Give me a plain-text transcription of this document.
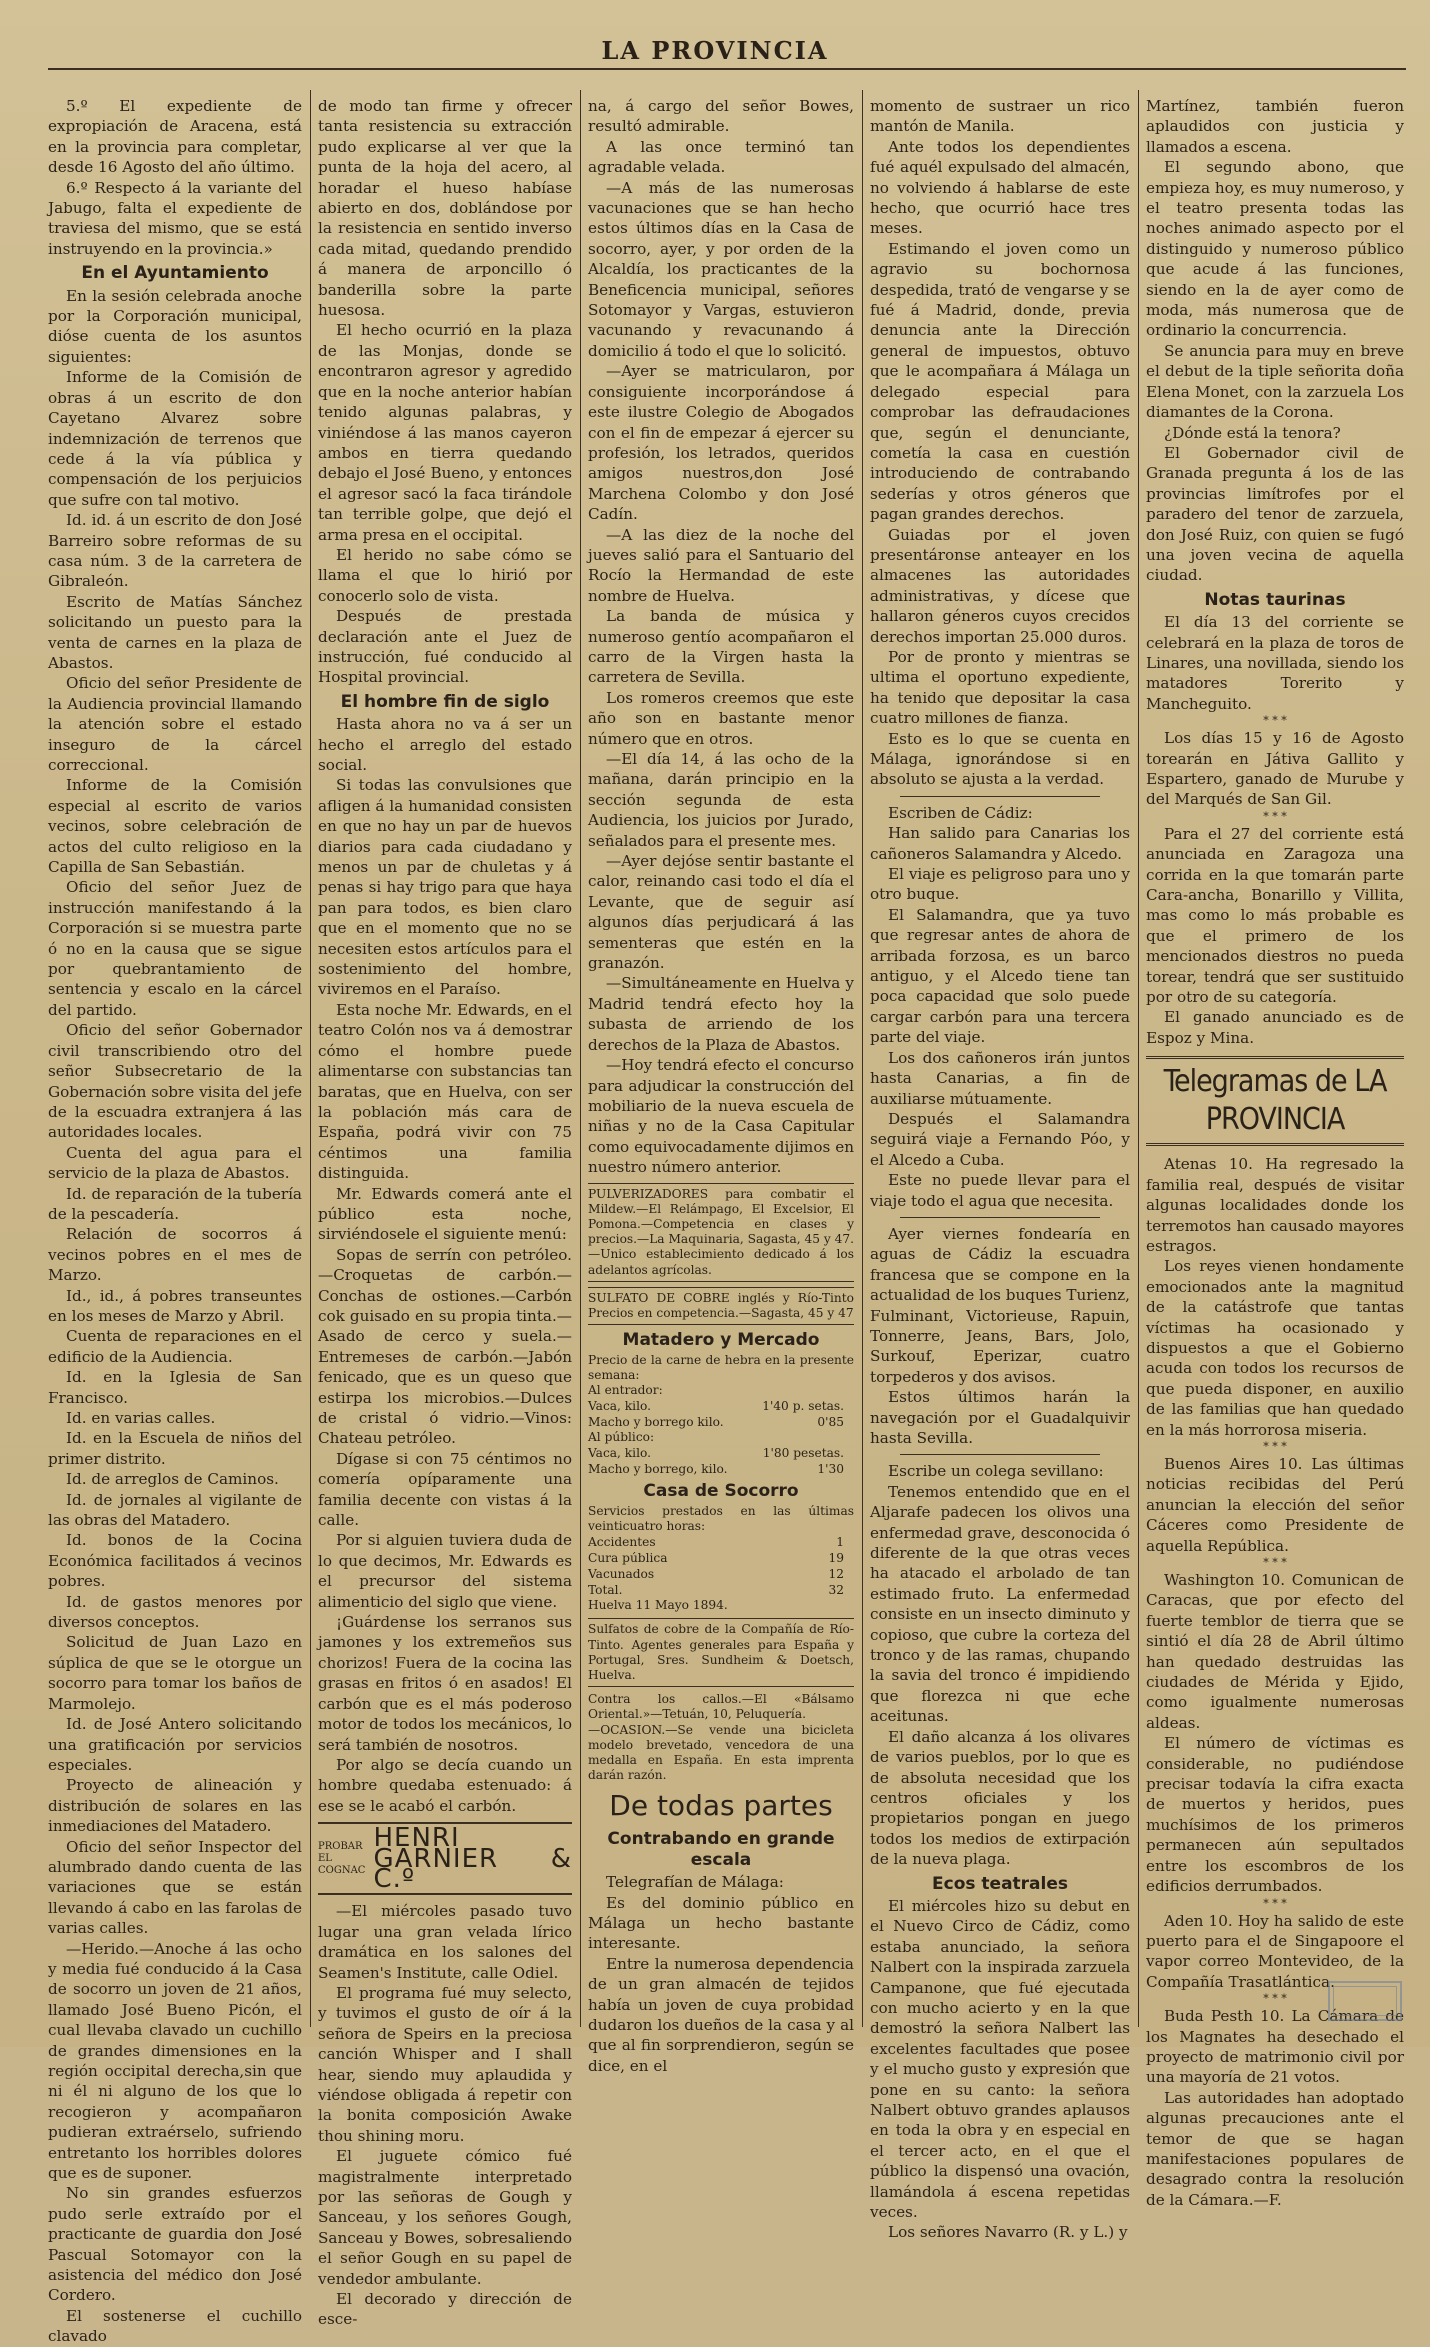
LA PROVINCIA

5.º El expediente de expropiación de Aracena, está en la provincia para completar, desde 16 Agosto del año último.

6.º Respecto á la variante del Jabugo, falta el expediente de traviesa del mismo, que se está instruyendo en la provincia.»

En el Ayuntamiento

En la sesión celebrada anoche por la Corporación municipal, dióse cuenta de los asuntos siguientes:

Informe de la Comisión de obras á un escrito de don Cayetano Alvarez sobre indemnización de terrenos que cede á la vía pública y compensación de los perjuicios que sufre con tal motivo.

Id. id. á un escrito de don José Barreiro sobre reformas de su casa núm. 3 de la carretera de Gibraleón.

Escrito de Matías Sánchez solicitando un puesto para la venta de carnes en la plaza de Abastos.

Oficio del señor Presidente de la Audiencia provincial llamando la atención sobre el estado inseguro de la cárcel correccional.

Informe de la Comisión especial al escrito de varios vecinos, sobre celebración de actos del culto religioso en la Capilla de San Sebastián.

Oficio del señor Juez de instrucción manifestando á la Corporación si se muestra parte ó no en la causa que se sigue por quebrantamiento de sentencia y escalo en la cárcel del partido.

Oficio del señor Gobernador civil transcribiendo otro del señor Subsecretario de la Gobernación sobre visita del jefe de la escuadra extranjera á las autoridades locales.

Cuenta del agua para el servicio de la plaza de Abastos.

Id. de reparación de la tubería de la pescadería.

Relación de socorros á vecinos pobres en el mes de Marzo.

Id., id., á pobres transeuntes en los meses de Marzo y Abril.

Cuenta de reparaciones en el edificio de la Audiencia.

Id. en la Iglesia de San Francisco.

Id. en varias calles.

Id. en la Escuela de niños del primer distrito.

Id. de arreglos de Caminos.

Id. de jornales al vigilante de las obras del Matadero.

Id. bonos de la Cocina Económica facilitados á vecinos pobres.

Id. de gastos menores por diversos conceptos.

Solicitud de Juan Lazo en súplica de que se le otorgue un socorro para tomar los baños de Marmolejo.

Id. de José Antero solicitando una gratificación por servicios especiales.

Proyecto de alineación y distribución de solares en las inmediaciones del Matadero.

Oficio del señor Inspector del alumbrado dando cuenta de las variaciones que se están llevando á cabo en las farolas de varias calles.

—Herido.—Anoche á las ocho y media fué conducido á la Casa de socorro un joven de 21 años, llamado José Bueno Picón, el cual llevaba clavado un cuchillo de grandes dimensiones en la región occipital derecha,sin que ni él ni alguno de los que lo recogieron y acompañaron pudieran extraérselo, sufriendo entretanto los horribles dolores que es de suponer.

No sin grandes esfuerzos pudo serle extraído por el practicante de guardia don José Pascual Sotomayor con la asistencia del médico don José Cordero.

El sostenerse el cuchillo clavado

de modo tan firme y ofrecer tanta resistencia su extracción pudo explicarse al ver que la punta de la hoja del acero, al horadar el hueso habíase abierto en dos, doblándose por la resistencia en sentido inverso cada mitad, quedando prendido á manera de arponcillo ó banderilla sobre la parte huesosa.

El hecho ocurrió en la plaza de las Monjas, donde se encontraron agresor y agredido que en la noche anterior habían tenido algunas palabras, y viniéndose á las manos cayeron ambos en tierra quedando debajo el José Bueno, y entonces el agresor sacó la faca tirándole tan terrible golpe, que dejó el arma presa en el occipital.

El herido no sabe cómo se llama el que lo hirió por conocerlo solo de vista.

Después de prestada declaración ante el Juez de instrucción, fué conducido al Hospital provincial.

El hombre fin de siglo

Hasta ahora no va á ser un hecho el arreglo del estado social.

Si todas las convulsiones que afligen á la humanidad consisten en que no hay un par de huevos diarios para cada ciudadano y menos un par de chuletas y á penas si hay trigo para que haya pan para todos, es bien claro que en el momento que no se necesiten estos artículos para el sostenimiento del hombre, viviremos en el Paraíso.

Esta noche Mr. Edwards, en el teatro Colón nos va á demostrar cómo el hombre puede alimentarse con substancias tan baratas, que en Huelva, con ser la población más cara de España, podrá vivir con 75 céntimos una familia distinguida.

Mr. Edwards comerá ante el público esta noche, sirviéndosele el siguiente menú:

Sopas de serrín con petróleo.—Croquetas de carbón.—Conchas de ostiones.—Carbón cok guisado en su propia tinta.—Asado de cerco y suela.—Entremeses de carbón.—Jabón fenicado, que es un queso que estirpa los microbios.—Dulces de cristal ó vidrio.—Vinos: Chateau petróleo.

Dígase si con 75 céntimos no comería opíparamente una familia decente con vistas á la calle.

Por si alguien tuviera duda de lo que decimos, Mr. Edwards es el precursor del sistema alimenticio del siglo que viene.

¡Guárdense los serranos sus jamones y los extremeños sus chorizos! Fuera de la cocina las grasas en fritos ó en asados! El carbón que es el más poderoso motor de todos los mecánicos, lo será también de nosotros.

Por algo se decía cuando un hombre quedaba estenuado: á ese se le acabó el carbón.

PROBAR
EL
COGNAC
HENRI GARNIER & C.º

—El miércoles pasado tuvo lugar una gran velada lírico dramática en los salones del Seamen's Institute, calle Odiel.

El programa fué muy selecto, y tuvimos el gusto de oír á la señora de Speirs en la preciosa canción Whisper and I shall hear, siendo muy aplaudida y viéndose obligada á repetir con la bonita composición Awake thou shining moru.

El juguete cómico fué magistralmente interpretado por las señoras de Gough y Sanceau, y los señores Gough, Sanceau y Bowes, sobresaliendo el señor Gough en su papel de vendedor ambulante.

El decorado y dirección de esce-

na, á cargo del señor Bowes, resultó admirable.

A las once terminó tan agradable velada.

—A más de las numerosas vacunaciones que se han hecho estos últimos días en la Casa de socorro, ayer, y por orden de la Alcaldía, los practicantes de la Beneficencia municipal, señores Sotomayor y Vargas, estuvieron vacunando y revacunando á domicilio á todo el que lo solicitó.

—Ayer se matricularon, por consiguiente incorporándose á este ilustre Colegio de Abogados con el fin de empezar á ejercer su profesión, los letrados, queridos amigos nuestros,don José Marchena Colombo y don José Cadín.

—A las diez de la noche del jueves salió para el Santuario del Rocío la Hermandad de este nombre de Huelva.

La banda de música y numeroso gentío acompañaron el carro de la Virgen hasta la carretera de Sevilla.

Los romeros creemos que este año son en bastante menor número que en otros.

—El día 14, á las ocho de la mañana, darán principio en la sección segunda de esta Audiencia, los juicios por Jurado, señalados para el presente mes.

—Ayer dejóse sentir bastante el calor, reinando casi todo el día el Levante, que de seguir así algunos días perjudicará á las sementeras que estén en la granazón.

—Simultáneamente en Huelva y Madrid tendrá efecto hoy la subasta de arriendo de los derechos de la Plaza de Abastos.

—Hoy tendrá efecto el concurso para adjudicar la construcción del mobiliario de la nueva escuela de niñas y no de la Casa Capitular como equivocadamente dijimos en nuestro número anterior.

PULVERIZADORES para combatir el Mildew.—El Relámpago, El Excelsior, El Pomona.—Competencia en clases y precios.—La Maquinaria, Sagasta, 45 y 47.—Unico establecimiento dedicado á los adelantos agrícolas.

SULFATO DE COBRE inglés y Río-Tinto Precios en competencia.—Sagasta, 45 y 47

Matadero y Mercado

Precio de la carne de hebra en la presente semana:

Al entrador:

Vaca, kilo.	1'40 p. setas.
Macho y borrego kilo.	0'85

Al público:

Vaca, kilo.	1'80 pesetas.
Macho y borrego, kilo.	1'30

Casa de Socorro

Servicios prestados en las últimas veinticuatro horas:

Accidentes	1
Cura pública	19
Vacunados	12
Total.	32

Huelva 11 Mayo 1894.

Sulfatos de cobre de la Compañía de Río-Tinto. Agentes generales para España y Portugal, Sres. Sundheim & Doetsch, Huelva.

Contra los callos.—El «Bálsamo Oriental.»—Tetuán, 10, Peluquería.

—OCASION.—Se vende una bicicleta modelo brevetado, vencedora de una medalla en España. En esta imprenta darán razón.

De todas partes

Contrabando en grande escala

Telegrafían de Málaga:

Es del dominio público en Málaga un hecho bastante interesante.

Entre la numerosa dependencia de un gran almacén de tejidos había un joven de cuya probidad dudaron los dueños de la casa y al que al fin sorprendieron, según se dice, en el

momento de sustraer un rico mantón de Manila.

Ante todos los dependientes fué aquél expulsado del almacén, no volviendo á hablarse de este hecho, que ocurrió hace tres meses.

Estimando el joven como un agravio su bochornosa despedida, trató de vengarse y se fué á Madrid, donde, previa denuncia ante la Dirección general de impuestos, obtuvo que le acompañara á Málaga un delegado especial para comprobar las defraudaciones que, según el denunciante, cometía la casa en cuestión introduciendo de contrabando sederías y otros géneros que pagan grandes derechos.

Guiadas por el joven presentáronse anteayer en los almacenes las autoridades administrativas, y dícese que hallaron géneros cuyos crecidos derechos importan 25.000 duros.

Por de pronto y mientras se ultima el oportuno expediente, ha tenido que depositar la casa cuatro millones de fianza.

Esto es lo que se cuenta en Málaga, ignorándose si en absoluto se ajusta a la verdad.

Escriben de Cádiz:

Han salido para Canarias los cañoneros Salamandra y Alcedo.

El viaje es peligroso para uno y otro buque.

El Salamandra, que ya tuvo que regresar antes de ahora de arribada forzosa, es un barco antiguo, y el Alcedo tiene tan poca capacidad que solo puede cargar carbón para una tercera parte del viaje.

Los dos cañoneros irán juntos hasta Canarias, a fin de auxiliarse mútuamente.

Después el Salamandra seguirá viaje a Fernando Póo, y el Alcedo a Cuba.

Este no puede llevar para el viaje todo el agua que necesita.

Ayer viernes fondearía en aguas de Cádiz la escuadra francesa que se compone en la actualidad de los buques Turienz, Fulminant, Victorieuse, Rapuin, Tonnerre, Jeans, Bars, Jolo, Surkouf, Eperizar, cuatro torpederos y dos avisos.

Estos últimos harán la navegación por el Guadalquivir hasta Sevilla.

Escribe un colega sevillano:

Tenemos entendido que en el Aljarafe padecen los olivos una enfermedad grave, desconocida ó diferente de la que otras veces ha atacado el arbolado de tan estimado fruto. La enfermedad consiste en un insecto diminuto y copioso, que cubre la corteza del tronco y de las ramas, chupando la savia del tronco é impidiendo que florezca ni que eche aceitunas.

El daño alcanza á los olivares de varios pueblos, por lo que es de absoluta necesidad que los centros oficiales y los propietarios pongan en juego todos los medios de extirpación de la nueva plaga.

Ecos teatrales

El miércoles hizo su debut en el Nuevo Circo de Cádiz, como estaba anunciado, la señora Nalbert con la inspirada zarzuela Campanone, que fué ejecutada con mucho acierto y en la que demostró la señora Nalbert las excelentes facultades que posee y el mucho gusto y expresión que pone en su canto: la señora Nalbert obtuvo grandes aplausos en toda la obra y en especial en el tercer acto, en el que el público la dispensó una ovación, llamándola á escena repetidas veces.

Los señores Navarro (R. y L.) y

Martínez, también fueron aplaudidos con justicia y llamados a escena.

El segundo abono, que empieza hoy, es muy numeroso, y el teatro presenta todas las noches animado aspecto por el distinguido y numeroso público que acude á las funciones, siendo en la de ayer como de moda, más numerosa que de ordinario la concurrencia.

Se anuncia para muy en breve el debut de la tiple señorita doña Elena Monet, con la zarzuela Los diamantes de la Corona.

¿Dónde está la tenora?

El Gobernador civil de Granada pregunta á los de las provincias limítrofes por el paradero del tenor de zarzuela, don José Ruiz, con quien se fugó una joven vecina de aquella ciudad.

Notas taurinas

El día 13 del corriente se celebrará en la plaza de toros de Linares, una novillada, siendo los matadores Torerito y Mancheguito.

* * *

Los días 15 y 16 de Agosto torearán en Játiva Gallito y Espartero, ganado de Murube y del Marqués de San Gil.

* * *

Para el 27 del corriente está anunciada en Zaragoza una corrida en la que tomarán parte Cara-ancha, Bonarillo y Villita, mas como lo más probable es que el primero de los mencionados diestros no pueda torear, tendrá que ser sustituido por otro de su categoría.

El ganado anunciado es de Espoz y Mina.

Telegramas de LA PROVINCIA

Atenas 10. Ha regresado la familia real, después de visitar algunas localidades donde los terremotos han causado mayores estragos.

Los reyes vienen hondamente emocionados ante la magnitud de la catástrofe que tantas víctimas ha ocasionado y dispuestos a que el Gobierno acuda con todos los recursos de que pueda disponer, en auxilio de las familias que han quedado en la más horrorosa miseria.

* * *

Buenos Aires 10. Las últimas noticias recibidas del Perú anuncian la elección del señor Cáceres como Presidente de aquella República.

* * *

Washington 10. Comunican de Caracas, que por efecto del fuerte temblor de tierra que se sintió el día 28 de Abril último han quedado destruidas las ciudades de Mérida y Ejido, como igualmente numerosas aldeas.

El número de víctimas es considerable, no pudiéndose precisar todavía la cifra exacta de muertos y heridos, pues muchísimos de los primeros permanecen aún sepultados entre los escombros de los edificios derrumbados.

* * *

Aden 10. Hoy ha salido de este puerto para el de Singapoore el vapor correo Montevideo, de la Compañía Trasatlántica.

* * *

Buda Pesth 10. La Cámara de los Magnates ha desechado el proyecto de matrimonio civil por una mayoría de 21 votos.

Las autoridades han adoptado algunas precauciones ante el temor de que se hagan manifestaciones populares de desagrado contra la resolución de la Cámara.—F.
